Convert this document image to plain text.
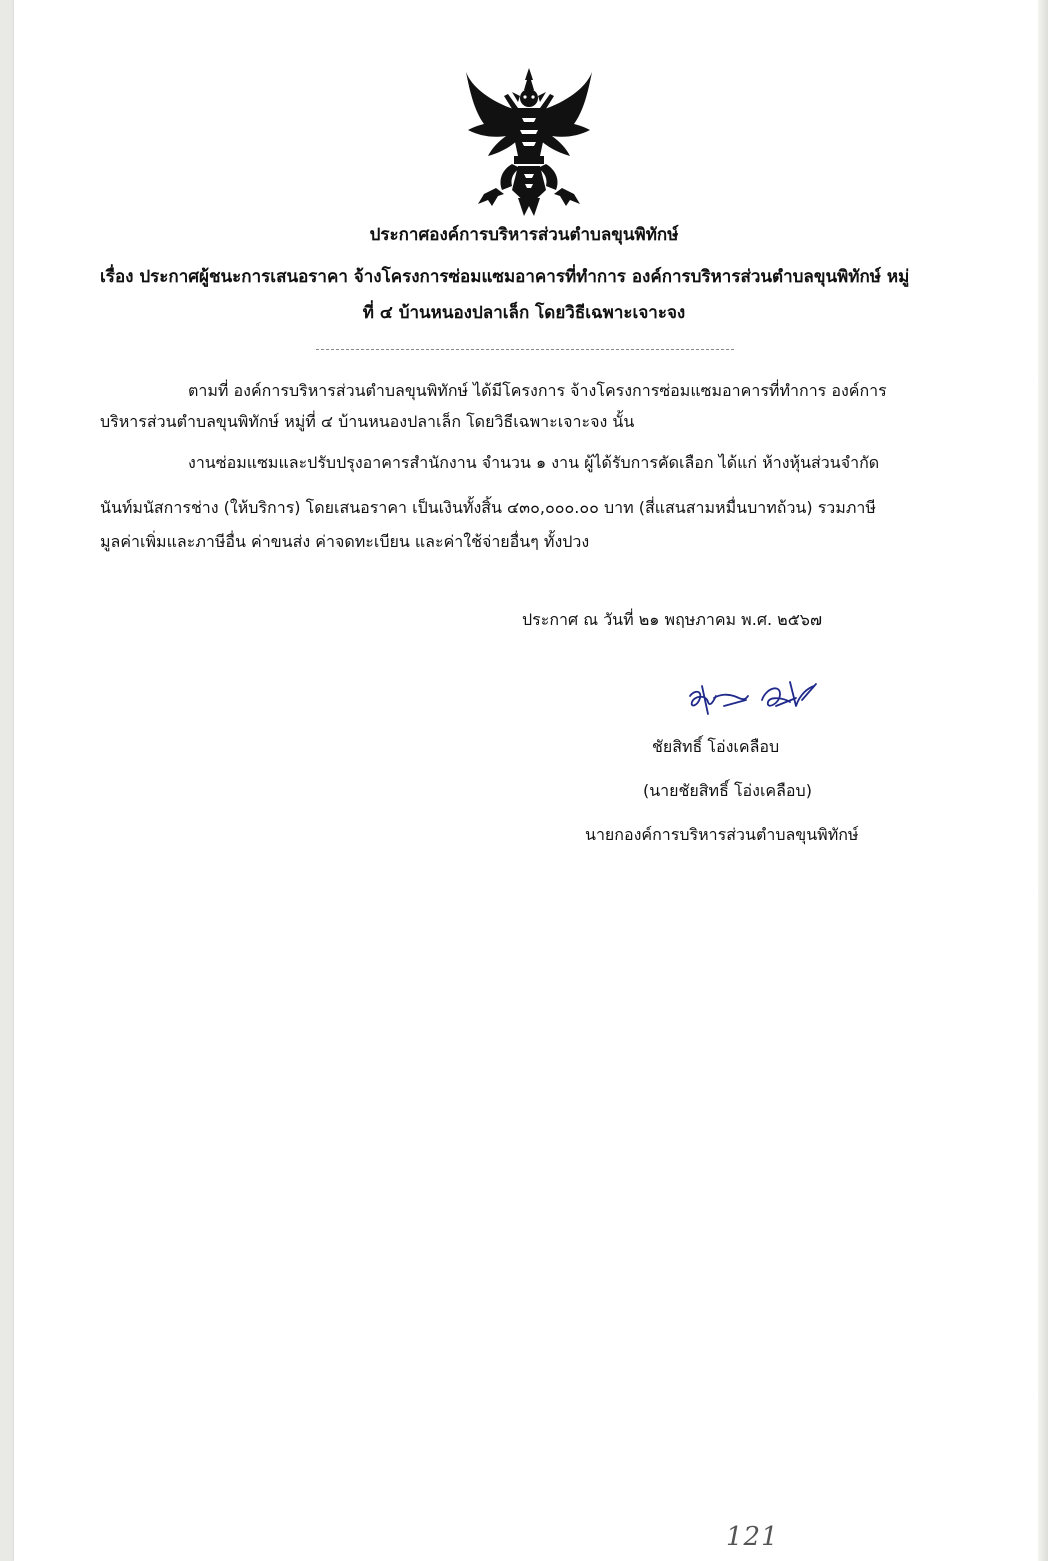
ประกาศองค์การบริหารส่วนตำบลขุนพิทักษ์
เรื่อง ประกาศผู้ชนะการเสนอราคา จ้างโครงการซ่อมแซมอาคารที่ทำการ องค์การบริหารส่วนตำบลขุนพิทักษ์ หมู่
ที่ ๔ บ้านหนองปลาเล็ก โดยวิธีเฉพาะเจาะจง
ตามที่ องค์การบริหารส่วนตำบลขุนพิทักษ์ ได้มีโครงการ จ้างโครงการซ่อมแซมอาคารที่ทำการ องค์การ
บริหารส่วนตำบลขุนพิทักษ์ หมู่ที่ ๔ บ้านหนองปลาเล็ก โดยวิธีเฉพาะเจาะจง นั้น
งานซ่อมแซมและปรับปรุงอาคารสำนักงาน จำนวน ๑ งาน ผู้ได้รับการคัดเลือก ได้แก่ ห้างหุ้นส่วนจำกัด
นันท์มนัสการช่าง (ให้บริการ) โดยเสนอราคา เป็นเงินทั้งสิ้น ๔๓๐,๐๐๐.๐๐ บาท (สี่แสนสามหมื่นบาทถ้วน) รวมภาษี
มูลค่าเพิ่มและภาษีอื่น ค่าขนส่ง ค่าจดทะเบียน และค่าใช้จ่ายอื่นๆ ทั้งปวง
ประกาศ ณ วันที่ ๒๑ พฤษภาคม พ.ศ. ๒๕๖๗
ชัยสิทธิ์ โอ่งเคลือบ
(นายชัยสิทธิ์ โอ่งเคลือบ)
นายกองค์การบริหารส่วนตำบลขุนพิทักษ์
121
